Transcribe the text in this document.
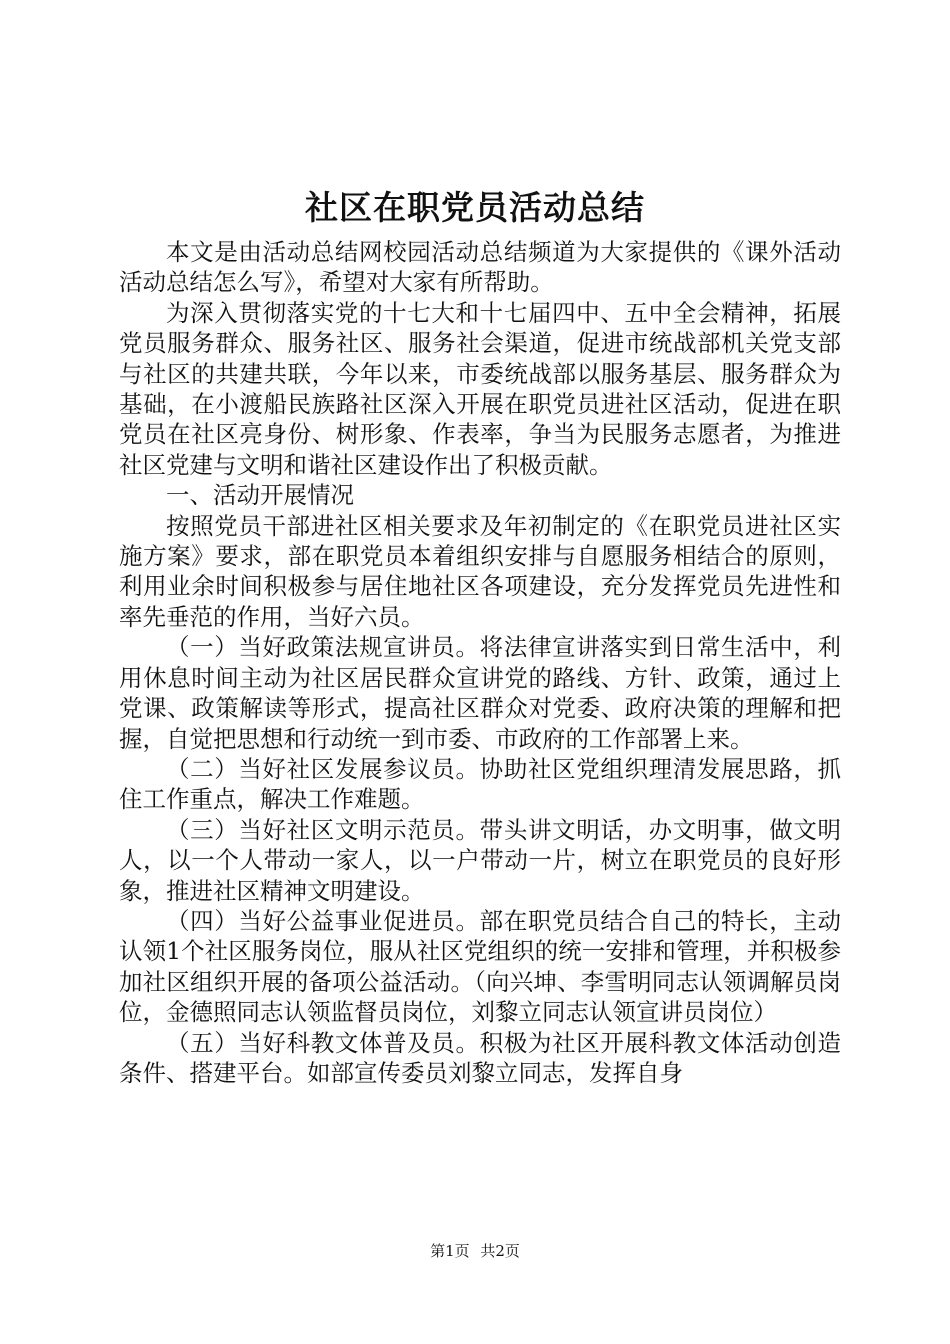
社区在职党员活动总结

本文是由活动总结网校园活动总结频道为大家提供的《课外活动活动总结怎么写》，希望对大家有所帮助。

为深入贯彻落实党的十七大和十七届四中、五中全会精神，拓展党员服务群众、服务社区、服务社会渠道，促进市统战部机关党支部与社区的共建共联，今年以来，市委统战部以服务基层、服务群众为基础，在小渡船民族路社区深入开展在职党员进社区活动，促进在职党员在社区亮身份、树形象、作表率，争当为民服务志愿者，为推进社区党建与文明和谐社区建设作出了积极贡献。

一、活动开展情况

按照党员干部进社区相关要求及年初制定的《在职党员进社区实施方案》要求，部在职党员本着组织安排与自愿服务相结合的原则，利用业余时间积极参与居住地社区各项建设，充分发挥党员先进性和率先垂范的作用，当好六员。

（一）当好政策法规宣讲员。将法律宣讲落实到日常生活中，利用休息时间主动为社区居民群众宣讲党的路线、方针、政策，通过上党课、政策解读等形式，提高社区群众对党委、政府决策的理解和把握，自觉把思想和行动统一到市委、市政府的工作部署上来。

（二）当好社区发展参议员。协助社区党组织理清发展思路，抓住工作重点，解决工作难题。

（三）当好社区文明示范员。带头讲文明话，办文明事，做文明人，以一个人带动一家人，以一户带动一片，树立在职党员的良好形象，推进社区精神文明建设。

（四）当好公益事业促进员。部在职党员结合自己的特长，主动认领1个社区服务岗位，服从社区党组织的统一安排和管理，并积极参加社区组织开展的备项公益活动。（向兴坤、李雪明同志认领调解员岗位，金德照同志认领监督员岗位，刘黎立同志认领宣讲员岗位）

（五）当好科教文体普及员。积极为社区开展科教文体活动创造条件、搭建平台。如部宣传委员刘黎立同志，发挥自身

第1页 共2页
